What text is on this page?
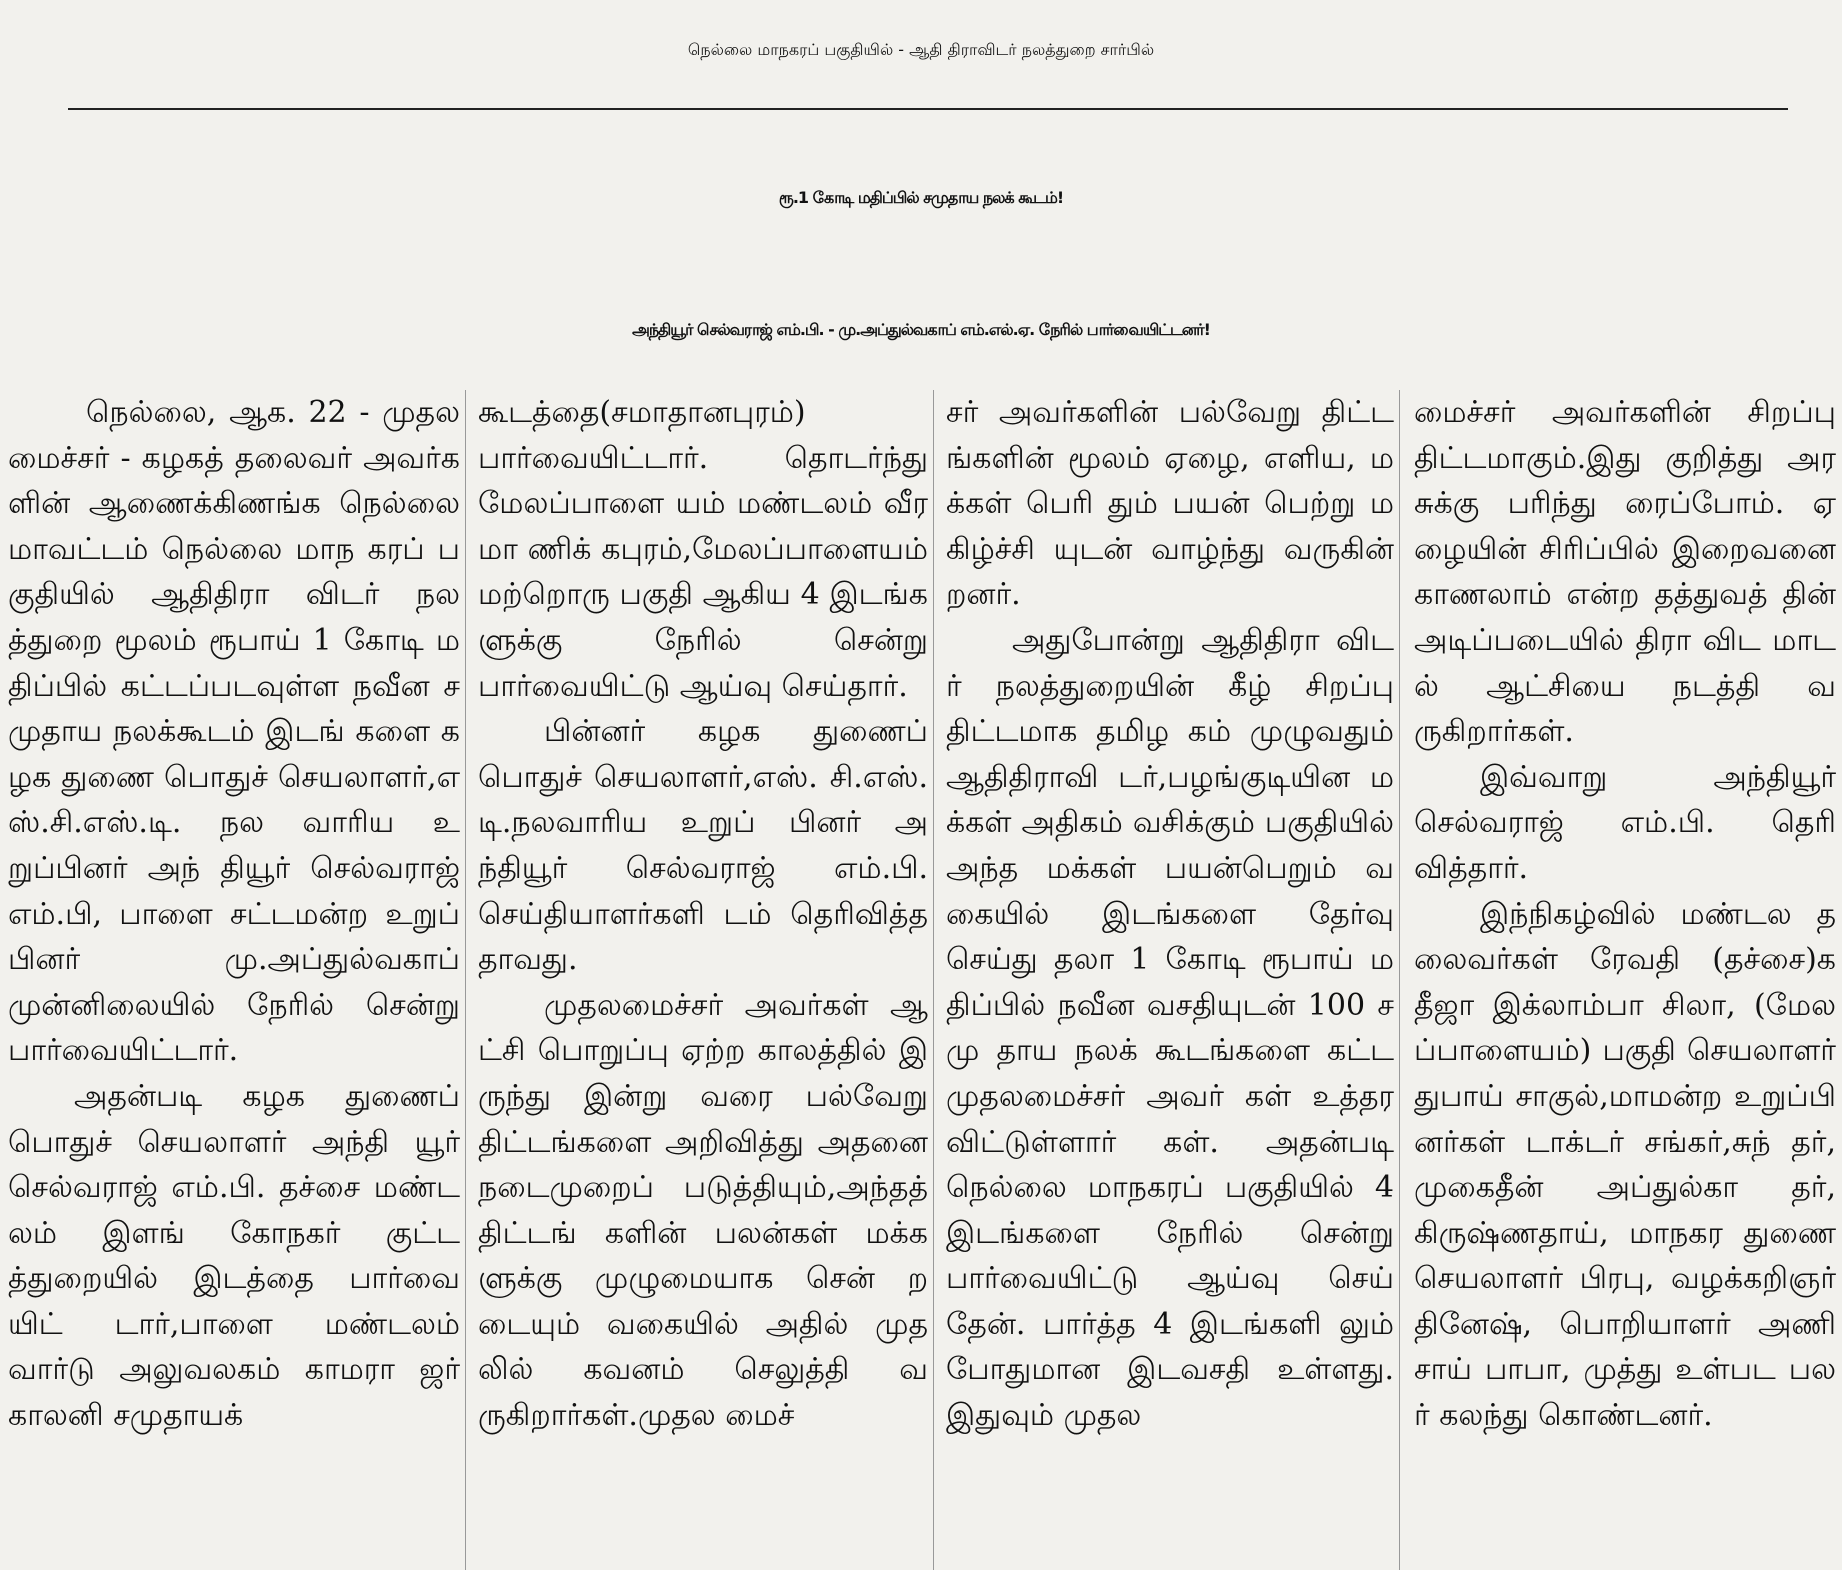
நெல்லை மாநகரப் பகுதியில் - ஆதி திராவிடர் நலத்துறை சார்பில்
ரூ.1 கோடி மதிப்பில் சமுதாய நலக் கூடம்!
அந்தியூர் செல்வராஜ் எம்.பி. - மு.அப்துல்வகாப் எம்.எல்.ஏ. நேரில் பார்வையிட்டனர்!

நெல்லை, ஆக. 22 - முதலமைச்சர் - கழகத் தலைவர் அவர்களின் ஆணைக்கிணங்க நெல்லை மாவட்டம் நெல்லை மாந கரப் பகுதியில் ஆதிதிரா விடர் நலத்துறை மூலம் ரூபாய் 1 கோடி மதிப்பில் கட்டப்படவுள்ள நவீன சமுதாய நலக்கூடம் இடங் களை கழக துணை பொதுச் செயலாளர்,எஸ்.சி.எஸ்.டி. நல வாரிய உறுப்பினர் அந் தியூர் செல்வராஜ் எம்.பி, பாளை சட்டமன்ற உறுப் பினர் மு.அப்துல்வகாப் முன்னிலையில் நேரில் சென்று பார்வையிட்டார்.

அதன்படி கழக துணைப் பொதுச் செயலாளர் அந்தி யூர் செல்வராஜ் எம்.பி. தச்சை மண்டலம் இளங் கோநகர் குட்டத்துறையில் இடத்தை பார்வை யிட் டார்,பாளை மண்டலம் வார்டு அலுவலகம் காமரா ஜர் காலனி சமுதாயக்

கூடத்தை(சமாதானபுரம்) பார்வையிட்டார். தொடர்ந்து மேலப்பாளை யம் மண்டலம் வீரமா ணிக் கபுரம்,மேலப்பாளையம் மற்றொரு பகுதி ஆகிய 4 இடங்களுக்கு நேரில் சென்று பார்வையிட்டு ஆய்வு செய்தார்.

பின்னர் கழக துணைப் பொதுச் செயலாளர்,எஸ். சி.எஸ்.டி.நலவாரிய உறுப் பினர் அந்தியூர் செல்வராஜ் எம்.பி. செய்தியாளர்களி டம் தெரிவித்ததாவது.

முதலமைச்சர் அவர்கள் ஆட்சி பொறுப்பு ஏற்ற காலத்தில் இருந்து இன்று வரை பல்வேறு திட்டங்களை அறிவித்து அதனை நடைமுறைப் படுத்தியும்,அந்தத் திட்டங் களின் பலன்கள் மக்க ளுக்கு முழுமையாக சென் றடையும் வகையில் அதில் முதலில் கவனம் செலுத்தி வருகிறார்கள்.முதல மைச்

சர் அவர்களின் பல்வேறு திட்டங்களின் மூலம் ஏழை, எளிய, மக்கள் பெரி தும் பயன் பெற்று மகிழ்ச்சி யுடன் வாழ்ந்து வருகின் றனர்.

அதுபோன்று ஆதிதிரா விடர் நலத்துறையின் கீழ் சிறப்பு திட்டமாக தமிழ கம் முழுவதும் ஆதிதிராவி டர்,பழங்குடியின மக்கள் அதிகம் வசிக்கும் பகுதியில் அந்த மக்கள் பயன்பெறும் வகையில் இடங்களை தேர்வு செய்து தலா 1 கோடி ரூபாய் மதிப்பில் நவீன வசதியுடன் 100 சமு தாய நலக் கூடங்களை கட்ட முதலமைச்சர் அவர் கள் உத்தரவிட்டுள்ளார் கள். அதன்படி நெல்லை மாநகரப் பகுதியில் 4 இடங்களை நேரில் சென்று பார்வையிட்டு ஆய்வு செய் தேன். பார்த்த 4 இடங்களி லும் போதுமான இடவசதி உள்ளது. இதுவும் முதல

மைச்சர் அவர்களின் சிறப்பு திட்டமாகும்.இது குறித்து அரசுக்கு பரிந்து ரைப்போம். ஏழையின் சிரிப்பில் இறைவனை காணலாம் என்ற தத்துவத் தின் அடிப்படையில் திரா விட மாடல் ஆட்சியை நடத்தி வருகிறார்கள்.

இவ்வாறு அந்தியூர் செல்வராஜ் எம்.பி. தெரி வித்தார்.

இந்நிகழ்வில் மண்டல தலைவர்கள் ரேவதி (தச்சை)கதீஜா இக்லாம்பா சிலா, (மேலப்பாளையம்) பகுதி செயலாளர் துபாய் சாகுல்,மாமன்ற உறுப்பி னர்கள் டாக்டர் சங்கர்,சுந் தர்,முகைதீன் அப்துல்கா தர்,கிருஷ்ணதாய், மாநகர துணை செயலாளர் பிரபு, வழக்கறிஞர் தினேஷ், பொறியாளர் அணி சாய் பாபா, முத்து உள்பட பலர் கலந்து கொண்டனர்.
